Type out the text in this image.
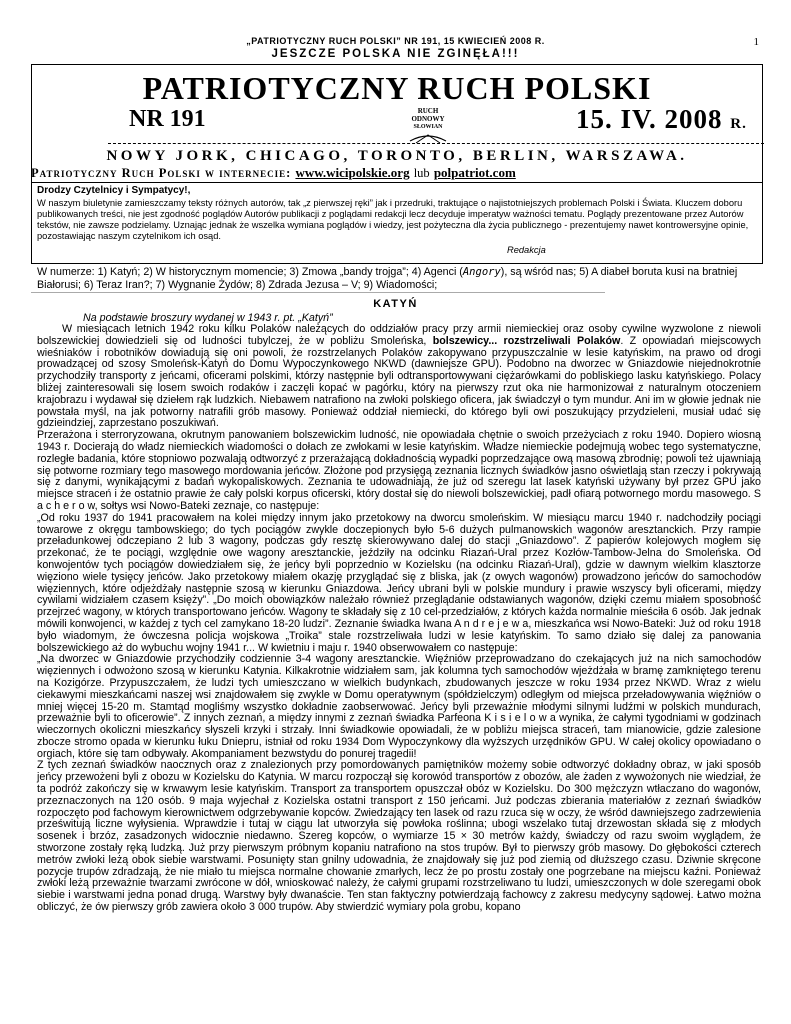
„PATRIOTYCZNY RUCH POLSKI” NR 191, 15 KWIECIEŃ 2008 R.
JESZCZE POLSKA NIE ZGINĘŁA!!!
1
PATRIOTYCZNY RUCH POLSKI
NR 191	RUCH ODNOWY
SŁOWIAN	15. IV. 2008 R.
NOWY JORK, CHICAGO, TORONTO, BERLIN, WARSZAWA.
Patriotyczny Ruch Polski w internecie: www.wicipolskie.org lub polpatriot.com
Drodzy Czytelnicy i Sympatycy!,
W naszym biuletynie zamieszczamy teksty różnych autorów, tak „z pierwszej ręki” jak i przedruki, traktujące o najistotniejszych problemach Polski i Świata. Kluczem doboru publikowanych treści, nie jest zgodność poglądów Autorów publikacji z poglądami redakcji lecz decyduje imperatyw ważności tematu. Poglądy prezentowane przez Autorów tekstów, nie zawsze podzielamy. Uznając jednak że wszelka wymiana poglądów i wiedzy, jest pożyteczna dla życia publicznego - prezentujemy nawet kontrowersyjne opinie, pozostawiając naszym czytelnikom ich osąd.
Redakcja
W numerze: 1) Katyń; 2) W historycznym momencie; 3) Zmowa „bandy trojga”; 4) Agenci (Angory), są wśród nas; 5) A diabeł boruta kusi na bratniej Białorusi; 6) Teraz Iran?; 7) Wygnanie Żydów; 8) Zdrada Jezusa – V; 9) Wiadomości;
KATYŃ
Na podstawie broszury wydanej w 1943 r. pt. „Katyń”

W miesiącach letnich 1942 roku kilku Polaków należących do oddziałów pracy przy armii niemieckiej oraz osoby cywilne wyzwolone z niewoli bolszewickiej dowiedzieli się od ludności tubylczej, że w pobliżu Smoleńska, bolszewicy... rozstrzeliwali Polaków. Z opowiadań miejscowych wieśniaków i robotników dowiadują się oni powoli, że rozstrzelanych Polaków zakopywano przypuszczalnie w lesie katyńskim, na prawo od drogi prowadzącej od szosy Smoleńsk-Katyń do Domu Wypoczynkowego NKWD (dawniejsze GPU). Podobno na dworzec w Gniazdowie niejednokrotnie przychodziły transporty z jeńcami, oficerami polskimi, którzy następnie byli odtransportowywani ciężarówkami do pobliskiego lasku katyńskiego. Polacy bliżej zainteresowali się losem swoich rodaków i zaczęli kopać w pagórku, który na pierwszy rzut oka nie harmonizował z naturalnym otoczeniem krajobrazu i wydawał się dziełem rąk ludzkich. Niebawem natrafiono na zwłoki polskiego oficera, jak świadczył o tym mundur. Ani im w głowie jednak nie powstała myśl, na jak potworny natrafili grób masowy. Ponieważ oddział niemiecki, do którego byli owi poszukujący przydzieleni, musiał udać się gdzieindziej, zaprzestano poszukiwań.

Przerażona i sterroryzowana, okrutnym panowaniem bolszewickim ludność, nie opowiadała chętnie o swoich przeżyciach z roku 1940. Dopiero wiosną 1943 r. Docierają do władz niemieckich wiadomości o dołach ze zwłokami w lesie katyńskim. Władze niemieckie podejmują wobec tego systematyczne, rozległe badania, które stopniowo pozwalają odtworzyć z przerażającą dokładnością wypadki poprzedzające ową masową zbrodnię; powoli też ujawniają się potworne rozmiary tego masowego mordowania jeńców. Złożone pod przysięgą zeznania licznych świadków jasno oświetlają stan rzeczy i pokrywają się z danymi, wynikającymi z badań wykopaliskowych. Zeznania te udowadniają, że już od szeregu lat lasek katyński używany był przez GPU jako miejsce straceń i że ostatnio prawie że cały polski korpus oficerski, który dostał się do niewoli bolszewickiej, padł ofiarą potwornego mordu masowego. S a c h e r o w, sołtys wsi Nowo-Bateki zeznaje, co następuje:

„Od roku 1937 do 1941 pracowałem na kolei między innym jako przetokowy na dworcu smoleńskim. W miesiącu marcu 1940 r. nadchodziły pociągi towarowe z okręgu tambowskiego; do tych pociągów zwykle doczepionych było 5-6 dużych pulmanowskich wagonów aresztanckich. Przy rampie przeładunkowej odczepiano 2 lub 3 wagony, podczas gdy resztę skierowywano dalej do stacji „Gniazdowo”. Z papierów kolejowych mogłem się przekonać, że te pociągi, względnie owe wagony aresztanckie, jeździły na odcinku Riazań-Ural przez Kozłów-Tambow-Jelna do Smoleńska. Od konwojentów tych pociągów dowiedziałem się, że jeńcy byli poprzednio w Kozielsku (na odcinku Riazań-Ural), gdzie w dawnym wielkim klasztorze więziono wiele tysięcy jeńców. Jako przetokowy miałem okazję przyglądać się z bliska, jak (z owych wagonów) prowadzono jeńców do samochodów więziennych, które odjeżdżały następnie szosą w kierunku Gniazdowa. Jeńcy ubrani byli w polskie mundury i prawie wszyscy byli oficerami, między cywilami widziałem czasem księży”. „Do moich obowiązków należało również przeglądanie odstawianych wagonów, dzięki czemu miałem sposobność przejrzeć wagony, w których transportowano jeńców. Wagony te składały się z 10 cel-przedziałów, z których każda normalnie mieściła 6 osób. Jak jednak mówili konwojenci, w każdej z tych cel zamykano 18-20 ludzi”. Zeznanie świadka Iwana A n d r e j e w a, mieszkańca wsi Nowo-Bateki: Już od roku 1918 było wiadomym, że ówczesna policja wojskowa „Troika” stale rozstrzeliwała ludzi w lesie katyńskim. To samo działo się dalej za panowania bolszewickiego aż do wybuchu wojny 1941 r... W kwietniu i maju r. 1940 obserwowałem co następuje:

„Na dworzec w Gniazdowie przychodziły codziennie 3-4 wagony aresztanckie. Więźniów przeprowadzano do czekających już na nich samochodów więziennych i odwożono szosą w kierunku Katynia. Kilkakrotnie widziałem sam, jak kolumna tych samochodów wjeżdżała w bramę zamkniętego terenu na Kozigórze. Przypuszczałem, że ludzi tych umieszczano w wielkich budynkach, zbudowanych jeszcze w roku 1934 przez NKWD. Wraz z wielu ciekawymi mieszkańcami naszej wsi znajdowałem się zwykle w Domu operatywnym (spółdzielczym) odległym od miejsca przeładowywania więźniów o mniej więcej 15-20 m. Stamtąd mogliśmy wszystko dokładnie zaobserwować. Jeńcy byli przeważnie młodymi silnymi ludźmi w polskich mundurach, przeważnie byli to oficerowie”. Z innych zeznań, a między innymi z zeznań świadka Parfeona K i s i e l o w a wynika, że całymi tygodniami w godzinach wieczornych okoliczni mieszkańcy słyszeli krzyki i strzały. Inni świadkowie opowiadali, że w pobliżu miejsca straceń, tam mianowicie, gdzie zalesione zbocze stromo opada w kierunku łuku Dniepru, istniał od roku 1934 Dom Wypoczynkowy dla wyższych urzędników GPU. W całej okolicy opowiadano o orgiach, które się tam odbywały. Akompaniament bezwstydu do ponurej tragedii!

Z tych zeznań świadków naocznych oraz z znalezionych przy pomordowanych pamiętników możemy sobie odtworzyć dokładny obraz, w jaki sposób jeńcy przewożeni byli z obozu w Kozielsku do Katynia. W marcu rozpoczął się korowód transportów z obozów, ale żaden z wywożonych nie wiedział, że ta podróż zakończy się w krwawym lesie katyńskim. Transport za transportem opuszczał obóz w Kozielsku. Do 300 mężczyzn wtłaczano do wagonów, przeznaczonych na 120 osób. 9 maja wyjechał z Kozielska ostatni transport z 150 jeńcami. Już podczas zbierania materiałów z zeznań świadków rozpoczęto pod fachowym kierownictwem odgrzebywanie kopców. Zwiedzający ten lasek od razu rzuca się w oczy, że wśród dawniejszego zadrzewienia prześwitują liczne wyłysienia. Wprawdzie i tutaj w ciągu lat utworzyła się powłoka roślinna; ubogi wszelako tutaj drzewostan składa się z młodych sosenek i brzóz, zasadzonych widocznie niedawno. Szereg kopców, o wymiarze 15 × 30 metrów każdy, świadczy od razu swoim wyglądem, że stworzone zostały ręką ludzką. Już przy pierwszym próbnym kopaniu natrafiono na stos trupów. Był to pierwszy grób masowy. Do głębokości czterech metrów zwłoki leżą obok siebie warstwami. Posunięty stan gnilny udowadnia, że znajdowały się już pod ziemią od dłuższego czasu. Dziwnie skręcone pozycje trupów zdradzają, że nie miało tu miejsca normalne chowanie zmarłych, lecz że po prostu zostały one pogrzebane na miejscu kaźni. Ponieważ zwłoki leżą przeważnie twarzami zwrócone w dół, wnioskować należy, że całymi grupami rozstrzeliwano tu ludzi, umieszczonych w dole szeregami obok siebie i warstwami jedna ponad drugą. Warstwy były dwanaście. Ten stan faktyczny potwierdzają fachowcy z zakresu medycyny sądowej. Łatwo można obliczyć, że ów pierwszy grób zawiera około 3 000 trupów. Aby stwierdzić wymiary pola grobu, kopano
